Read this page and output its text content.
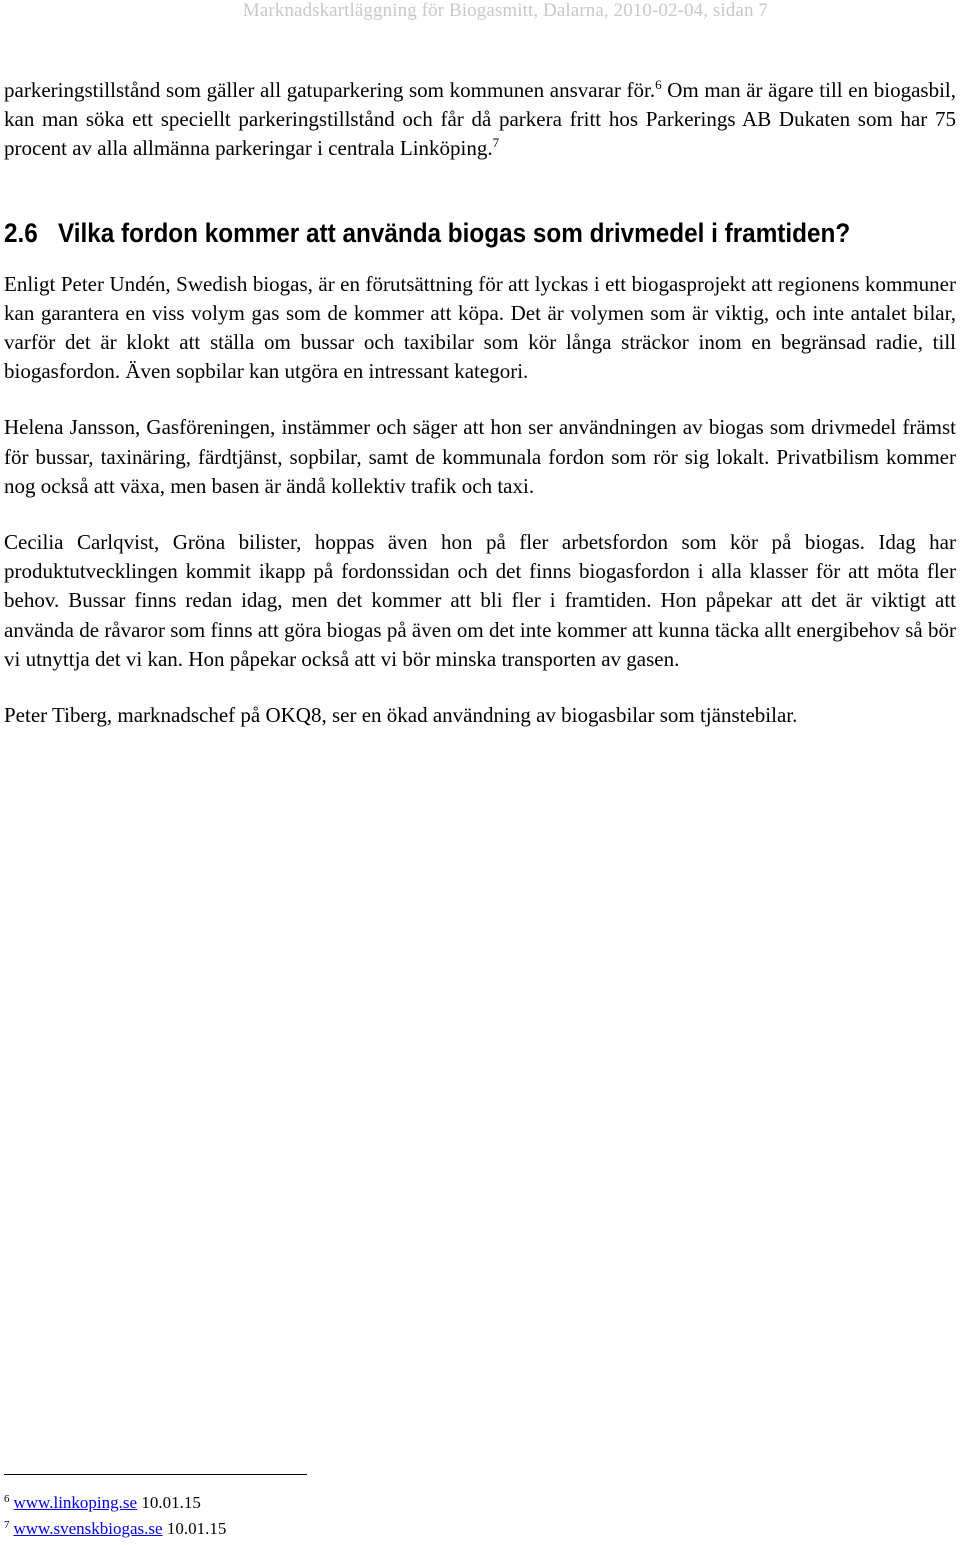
Marknadskartläggning för Biogasmitt, Dalarna, 2010-02-04, sidan 7

parkeringstillstånd som gäller all gatuparkering som kommunen ansvarar för.$^6$ Om man är ägare till en biogasbil, kan man söka ett speciellt parkeringstillstånd och får då parkera fritt hos Parkerings AB Dukaten som har 75 procent av alla allmänna parkeringar i centrala Linköping.$^7$

2.6 Vilka fordon kommer att använda biogas som drivmedel i framtiden?

Enligt Peter Undén, Swedish biogas, är en förutsättning för att lyckas i ett biogasprojekt att regionens kommuner kan garantera en viss volym gas som de kommer att köpa. Det är volymen som är viktig, och inte antalet bilar, varför det är klokt att ställa om bussar och taxibilar som kör långa sträckor inom en begränsad radie, till biogasfordon. Även sopbilar kan utgöra en intressant kategori.

Helena Jansson, Gasföreningen, instämmer och säger att hon ser användningen av biogas som drivmedel främst för bussar, taxinäring, färdtjänst, sopbilar, samt de kommunala fordon som rör sig lokalt. Privatbilism kommer nog också att växa, men basen är ändå kollektiv trafik och taxi.

Cecilia Carlqvist, Gröna bilister, hoppas även hon på fler arbetsfordon som kör på biogas. Idag har produktutvecklingen kommit ikapp på fordonssidan och det finns biogasfordon i alla klasser för att möta fler behov. Bussar finns redan idag, men det kommer att bli fler i framtiden. Hon påpekar att det är viktigt att använda de råvaror som finns att göra biogas på även om det inte kommer att kunna täcka allt energibehov så bör vi utnyttja det vi kan. Hon påpekar också att vi bör minska transporten av gasen.

Peter Tiberg, marknadschef på OKQ8, ser en ökad användning av biogasbilar som tjänstebilar.

$^6$ www.linkoping.se 10.01.15
$^7$ www.svenskbiogas.se 10.01.15
